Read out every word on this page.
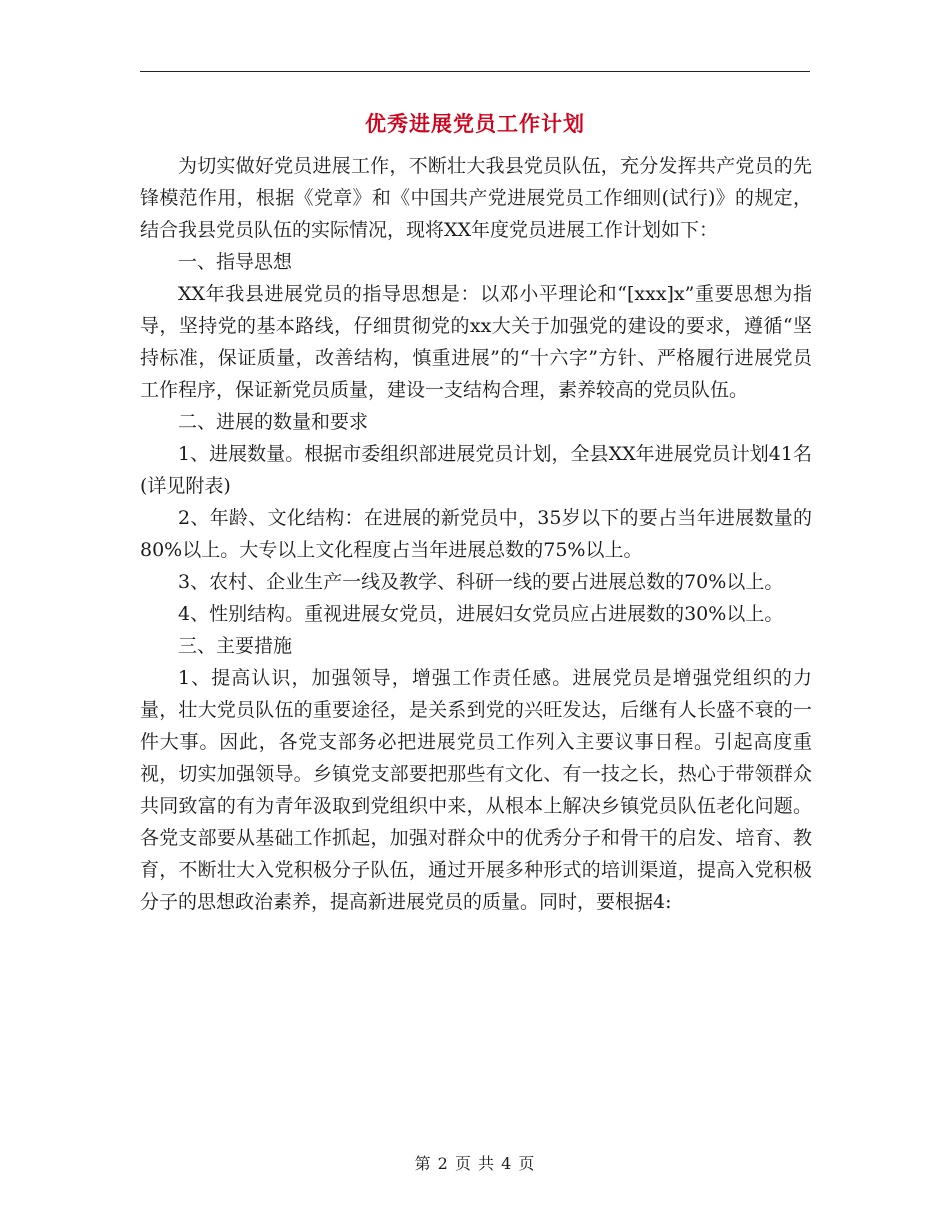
优秀进展党员工作计划

为切实做好党员进展工作，不断壮大我县党员队伍，充分发挥共产党员的先锋模范作用，根据《党章》和《中国共产党进展党员工作细则(试行)》的规定，结合我县党员队伍的实际情况，现将XX年度党员进展工作计划如下：

一、指导思想

XX年我县进展党员的指导思想是：以邓小平理论和“[xxx]x”重要思想为指导，坚持党的基本路线，仔细贯彻党的xx大关于加强党的建设的要求，遵循“坚持标准，保证质量，改善结构，慎重进展”的“十六字”方针、严格履行进展党员工作程序，保证新党员质量，建设一支结构合理，素养较高的党员队伍。

二、进展的数量和要求

1、进展数量。根据市委组织部进展党员计划，全县XX年进展党员计划41名(详见附表)

2、年龄、文化结构：在进展的新党员中，35岁以下的要占当年进展数量的80%以上。大专以上文化程度占当年进展总数的75%以上。

3、农村、企业生产一线及教学、科研一线的要占进展总数的70%以上。

4、性别结构。重视进展女党员，进展妇女党员应占进展数的30%以上。

三、主要措施

1、提高认识，加强领导，增强工作责任感。进展党员是增强党组织的力量，壮大党员队伍的重要途径，是关系到党的兴旺发达，后继有人长盛不衰的一件大事。因此，各党支部务必把进展党员工作列入主要议事日程。引起高度重视，切实加强领导。乡镇党支部要把那些有文化、有一技之长，热心于带领群众共同致富的有为青年汲取到党组织中来，从根本上解决乡镇党员队伍老化问题。各党支部要从基础工作抓起，加强对群众中的优秀分子和骨干的启发、培育、教育，不断壮大入党积极分子队伍，通过开展多种形式的培训渠道，提高入党积极分子的思想政治素养，提高新进展党员的质量。同时，要根据4:

第 2 页 共 4 页
